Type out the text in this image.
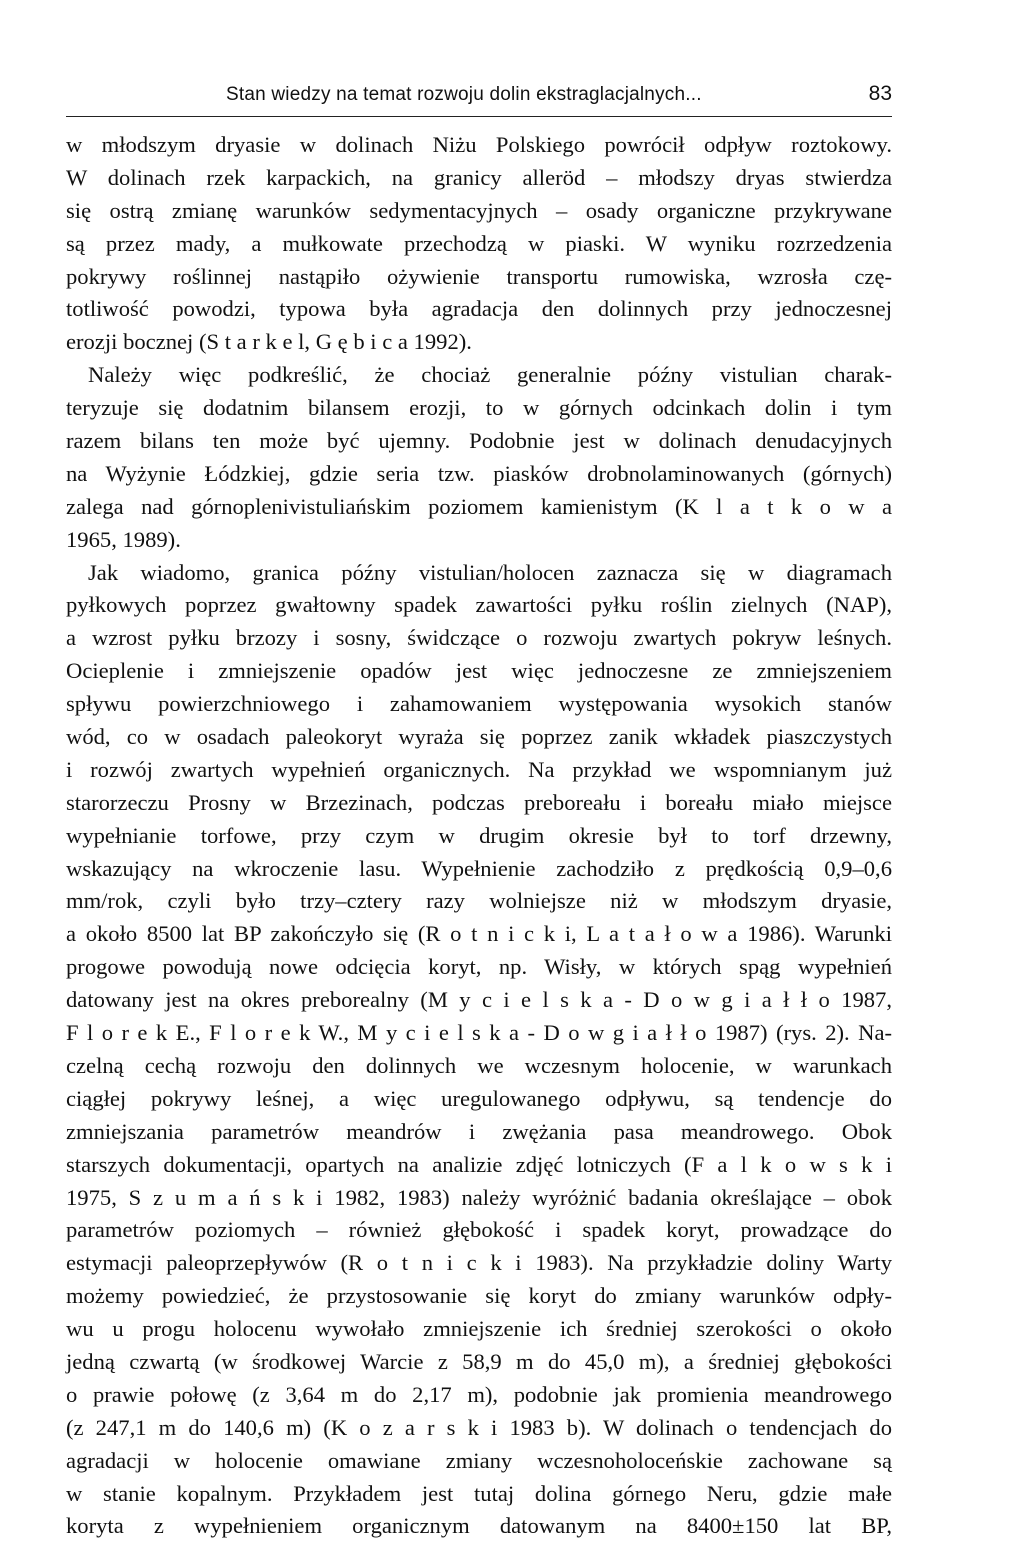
Stan wiedzy na temat rozwoju dolin ekstraglacjalnych...	83
w młodszym dryasie w dolinach Niżu Polskiego powrócił odpływ roztokowy.
W dolinach rzek karpackich, na granicy alleröd – młodszy dryas stwierdza
się ostrą zmianę warunków sedymentacyjnych – osady organiczne przykrywane
są przez mady, a mułkowate przechodzą w piaski. W wyniku rozrzedzenia
pokrywy roślinnej nastąpiło ożywienie transportu rumowiska, wzrosła czę-
totliwość powodzi, typowa była agradacja den dolinnych przy jednoczesnej
erozji bocznej (S t a r k e l, G ę b i c a 1992).
Należy więc podkreślić, że chociaż generalnie późny vistulian charak-
teryzuje się dodatnim bilansem erozji, to w górnych odcinkach dolin i tym
razem bilans ten może być ujemny. Podobnie jest w dolinach denudacyjnych
na Wyżynie Łódzkiej, gdzie seria tzw. piasków drobnolaminowanych (górnych)
zalega nad górnoplenivistuliańskim poziomem kamienistym (K l a t k o w a
1965, 1989).
Jak wiadomo, granica późny vistulian/holocen zaznacza się w diagramach
pyłkowych poprzez gwałtowny spadek zawartości pyłku roślin zielnych (NAP),
a wzrost pyłku brzozy i sosny, świdczące o rozwoju zwartych pokryw leśnych.
Ocieplenie i zmniejszenie opadów jest więc jednoczesne ze zmniejszeniem
spływu powierzchniowego i zahamowaniem występowania wysokich stanów
wód, co w osadach paleokoryt wyraża się poprzez zanik wkładek piaszczystych
i rozwój zwartych wypełnień organicznych. Na przykład we wspomnianym już
starorzeczu Prosny w Brzezinach, podczas preboreału i boreału miało miejsce
wypełnianie torfowe, przy czym w drugim okresie był to torf drzewny,
wskazujący na wkroczenie lasu. Wypełnienie zachodziło z prędkością 0,9–0,6
mm/rok, czyli było trzy–cztery razy wolniejsze niż w młodszym dryasie,
a około 8500 lat BP zakończyło się (R o t n i c k i, L a t a ł o w a 1986). Warunki
progowe powodują nowe odcięcia koryt, np. Wisły, w których spąg wypełnień
datowany jest na okres preborealny (M y c i e l s k a - D o w g i a ł ł o 1987,
F l o r e k E., F l o r e k W., M y c i e l s k a - D o w g i a ł ł o 1987) (rys. 2). Na-
czelną cechą rozwoju den dolinnych we wczesnym holocenie, w warunkach
ciągłej pokrywy leśnej, a więc uregulowanego odpływu, są tendencje do
zmniejszania parametrów meandrów i zwężania pasa meandrowego. Obok
starszych dokumentacji, opartych na analizie zdjęć lotniczych (F a l k o w s k i
1975, S z u m a ń s k i 1982, 1983) należy wyróżnić badania określające – obok
parametrów poziomych – również głębokość i spadek koryt, prowadzące do
estymacji paleoprzepływów (R o t n i c k i 1983). Na przykładzie doliny Warty
możemy powiedzieć, że przystosowanie się koryt do zmiany warunków odpły-
wu u progu holocenu wywołało zmniejszenie ich średniej szerokości o około
jedną czwartą (w środkowej Warcie z 58,9 m do 45,0 m), a średniej głębokości
o prawie połowę (z 3,64 m do 2,17 m), podobnie jak promienia meandrowego
(z 247,1 m do 140,6 m) (K o z a r s k i 1983 b). W dolinach o tendencjach do
agradacji w holocenie omawiane zmiany wczesnoholoceńskie zachowane są
w stanie kopalnym. Przykładem jest tutaj dolina górnego Neru, gdzie małe
koryta z wypełnieniem organicznym datowanym na 8400±150 lat BP,
